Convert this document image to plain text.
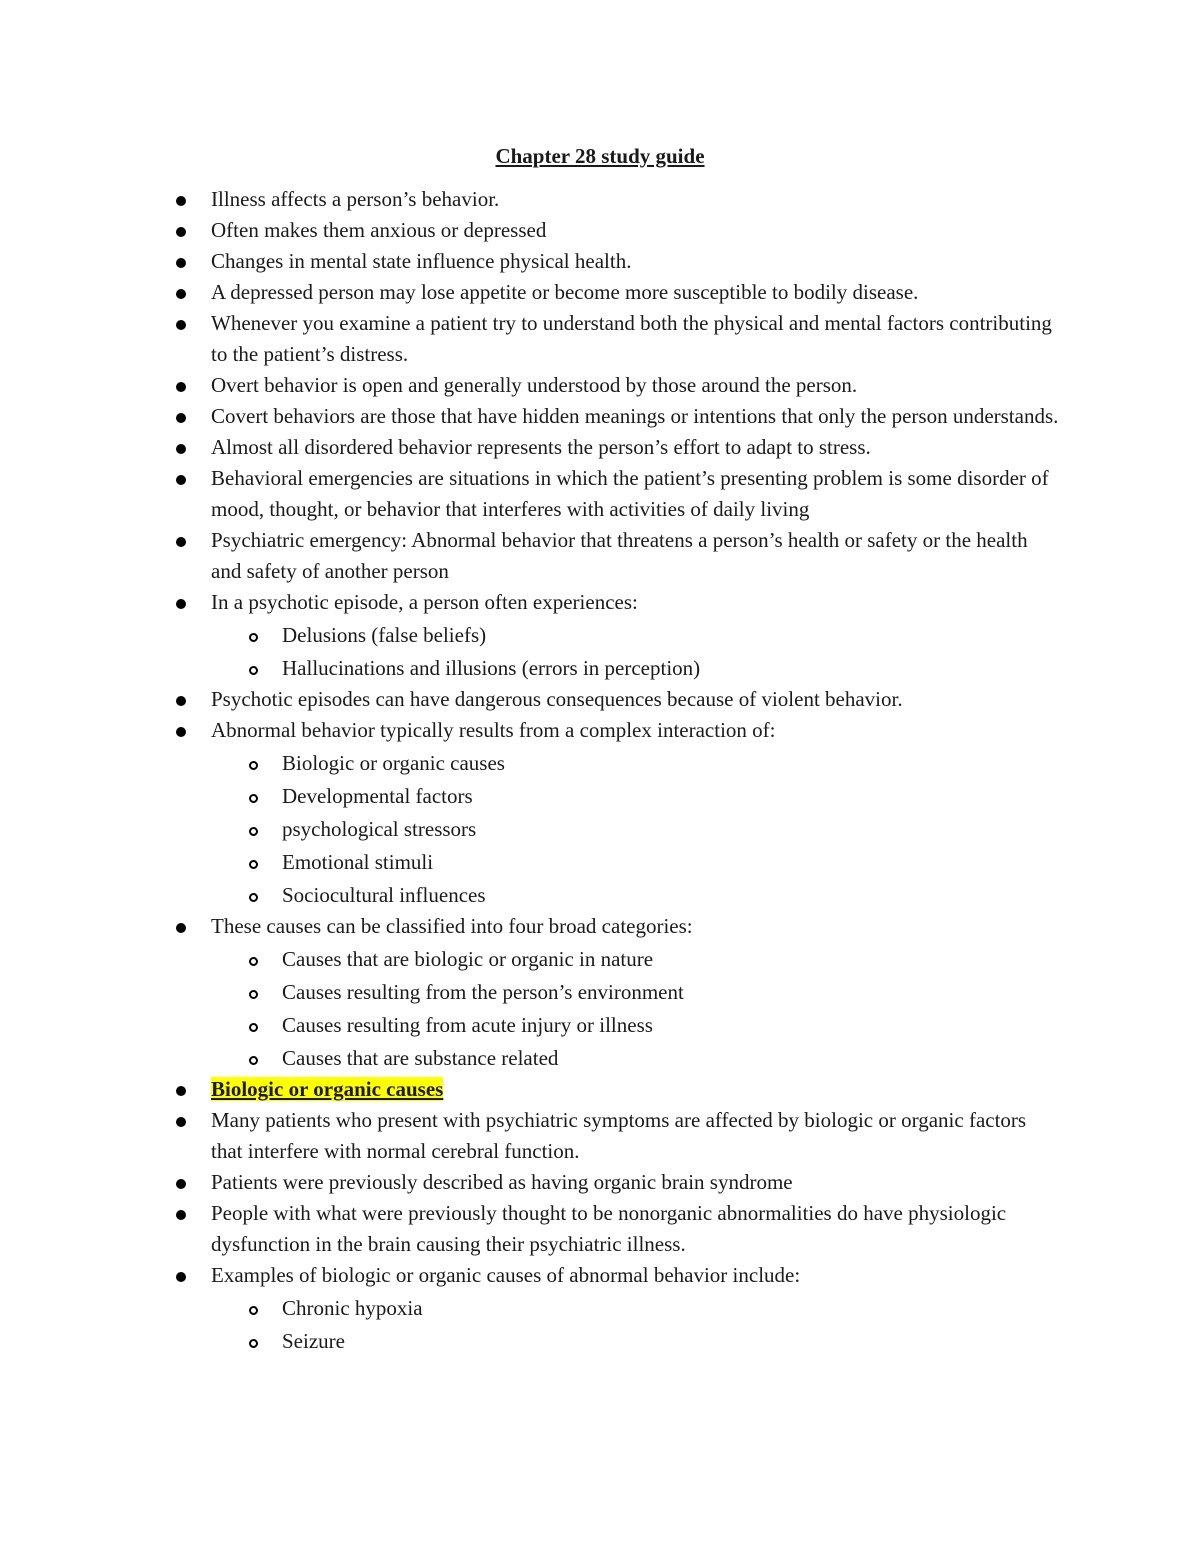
Chapter 28 study guide
Illness affects a person’s behavior.
Often makes them anxious or depressed
Changes in mental state influence physical health.
A depressed person may lose appetite or become more susceptible to bodily disease.
Whenever you examine a patient try to understand both the physical and mental factors contributing to the patient’s distress.
Overt behavior is open and generally understood by those around the person.
Covert behaviors are those that have hidden meanings or intentions that only the person understands.
Almost all disordered behavior represents the person’s effort to adapt to stress.
Behavioral emergencies are situations in which the patient’s presenting problem is some disorder of mood, thought, or behavior that interferes with activities of daily living
Psychiatric emergency: Abnormal behavior that threatens a person’s health or safety or the health and safety of another person
In a psychotic episode, a person often experiences:
Delusions (false beliefs)
Hallucinations and illusions (errors in perception)
Psychotic episodes can have dangerous consequences because of violent behavior.
Abnormal behavior typically results from a complex interaction of:
Biologic or organic causes
Developmental factors
psychological stressors
Emotional stimuli
Sociocultural influences
These causes can be classified into four broad categories:
Causes that are biologic or organic in nature
Causes resulting from the person’s environment
Causes resulting from acute injury or illness
Causes that are substance related
Biologic or organic causes
Many patients who present with psychiatric symptoms are affected by biologic or organic factors that interfere with normal cerebral function.
Patients were previously described as having organic brain syndrome
People with what were previously thought to be nonorganic abnormalities do have physiologic dysfunction in the brain causing their psychiatric illness.
Examples of biologic or organic causes of abnormal behavior include:
Chronic hypoxia
Seizure
